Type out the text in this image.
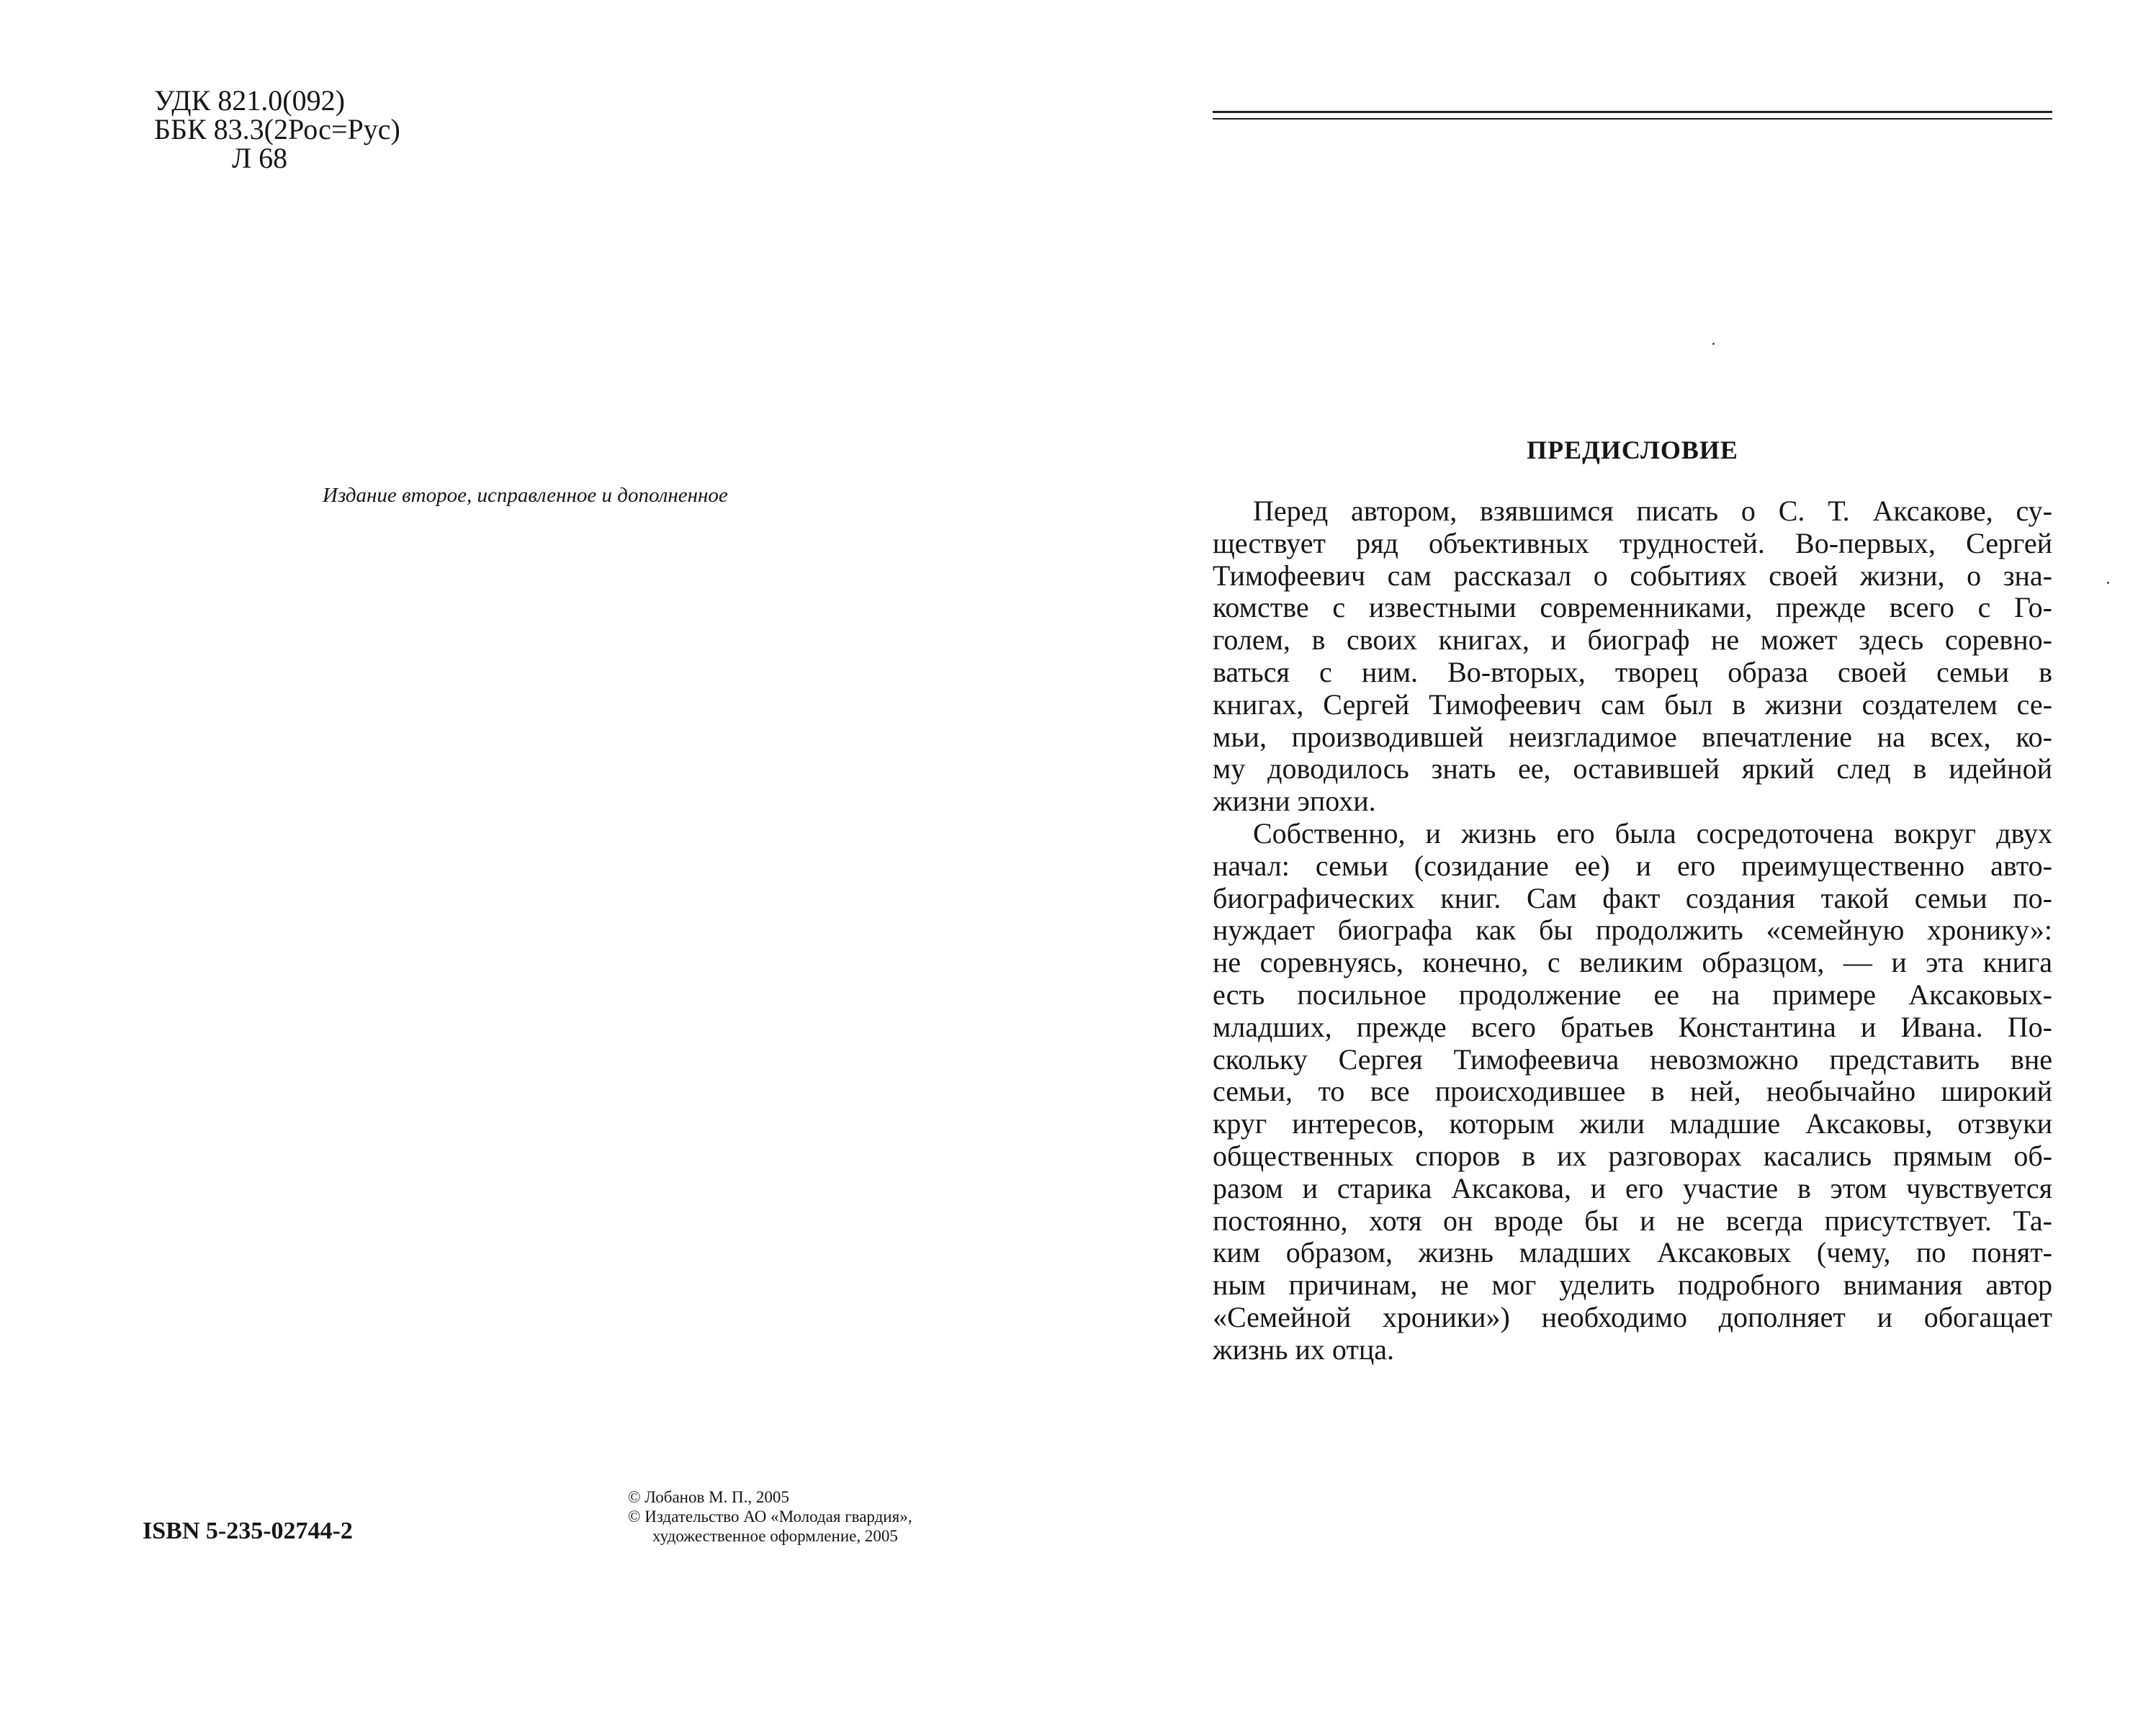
УДК 821.0(092)
ББК 83.3(2Рос=Рус)
Л 68
Издание второе, исправленное и дополненное
ISBN 5-235-02744-2
© Лобанов М. П., 2005
© Издательство АО «Молодая гвардия»,
художественное оформление, 2005
ПРЕДИСЛОВИЕ
Перед автором, взявшимся писать о С. Т. Аксакове, су-
ществует ряд объективных трудностей. Во-первых, Сергей
Тимофеевич сам рассказал о событиях своей жизни, о зна-
комстве с известными современниками, прежде всего с Го-
голем, в своих книгах, и биограф не может здесь соревно-
ваться с ним. Во-вторых, творец образа своей семьи в
книгах, Сергей Тимофеевич сам был в жизни создателем се-
мьи, производившей неизгладимое впечатление на всех, ко-
му доводилось знать ее, оставившей яркий след в идейной
жизни эпохи.
Собственно, и жизнь его была сосредоточена вокруг двух
начал: семьи (созидание ее) и его преимущественно авто-
биографических книг. Сам факт создания такой семьи по-
нуждает биографа как бы продолжить «семейную хронику»:
не соревнуясь, конечно, с великим образцом, — и эта книга
есть посильное продолжение ее на примере Аксаковых-
младших, прежде всего братьев Константина и Ивана. По-
скольку Сергея Тимофеевича невозможно представить вне
семьи, то все происходившее в ней, необычайно широкий
круг интересов, которым жили младшие Аксаковы, отзвуки
общественных споров в их разговорах касались прямым об-
разом и старика Аксакова, и его участие в этом чувствуется
постоянно, хотя он вроде бы и не всегда присутствует. Та-
ким образом, жизнь младших Аксаковых (чему, по понят-
ным причинам, не мог уделить подробного внимания автор
«Семейной хроники») необходимо дополняет и обогащает
жизнь их отца.
